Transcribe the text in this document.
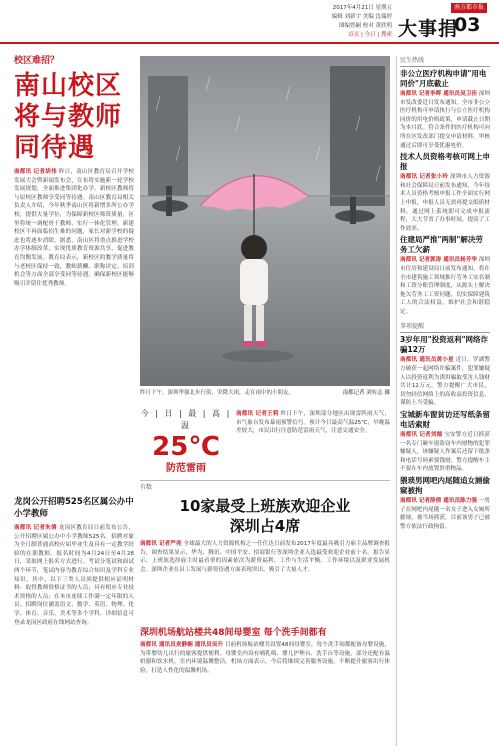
2017年4月21日 星期五
编辑 刘新宇 美编 沈瑞婷
图编曾嗣 校对 黄欣明
首页 | 今日 | 搜索
南方都市报
大事捐
03
校区难招？
南山校区
将与教师
同待遇
南都讯 记者胡伟 昨日，南山区教育局召开学校发展大会暨新闻发布会，宣布将实施新一轮学校发展规划，全面推进集团化办学，新校区教师将与原校区教师享受同等待遇。南山区教育局相关负责人介绍，今年秋季南山区将新增多所公办学校，提供大量学位，为保障新校区师资质量，区里将统一调配骨干教师，实行一体化管理。新建校区不再面临招生难的问题，家长对新学校的疑虑也将逐步消除。据悉，南山区将重点推进学校办学体制改革，实现优质教育资源共享，促进教育均衡发展。教育局表示，新校区的教学质量将与老校区保持一致，教师薪酬、职称评定、培训机会等方面全部享受同等待遇，确保新校区能够吸引并留住优秀教师。
龙岗公开招聘525名区属公办中小学教师
南都讯 记者朱倩 龙岗区教育局日前发布公告，公开招聘区属公办中小学教师525名。招聘对象为全日制普通高校应届毕业生及具有一定教学经验的在职教师。报名时间为4月24日至4月28日，采取网上报名方式进行。考试分笔试和面试两个环节，笔试内容为教育综合知识及学科专业知识。其中，以下三类人员须提供相应证明材料：取得教师资格证书的人员；具有相应专业技术资格的人员；在本市连续工作满一定年限的人员。招聘岗位涵盖语文、数学、英语、物理、化学、体育、音乐、美术等多个学科。详细信息可登录龙岗区政府在线网站查询。
昨日下午，深圳华强北步行街，突降大雨，走在雨中的小朋友。	南都记者 刘有志 摄
今 | 日 | 最 | 高 | 温
25℃
防范雷雨
南都讯 记者王莉 昨日下午，深圳部分地区出现雷阵雨天气，市气象台发布暴雨预警信号。预计今日最高气温25℃，早晚温差较大，市民出行注意防范雷雨天气，注意交通安全。
有数
10家最受上班族欢迎企业
深圳占4席
南都讯 记者严亮 全球最大的人力资源机构之一任仕达日前发布2017年度最具吸引力雇主品牌调查报告，调查结果显示，华为、腾讯、中国平安、招商银行等深圳企业入选最受欢迎企业前十名。报告显示，上班族选择雇主时最看重的因素依次为薪资福利、工作与生活平衡、工作环境以及职业发展机会。深圳企业在员工发展与薪资待遇方面表现突出，吸引了大量人才。
深圳机场航站楼共48间母婴室 每个洗手间都有
南都讯 通讯员麦静娴 通讯员吴升 目前机场航站楼共设置48间母婴室，每个洗手间都配备母婴设施，为带婴幼儿出行的旅客提供便利。母婴室内设有哺乳椅、婴儿护理台、洗手台等设施，部分还配有温奶器和饮水机，室内环境温馨整洁。机场方面表示，今后将继续完善服务设施，不断提升旅客出行体验，打造人性化的温馨机场。
民生热线
非公立医疗机构申请"用电同价"月底截止
南都讯 记者李晖 通讯员吴卫佳 深圳市发改委近日发布通知，全市非公立医疗机构可申请执行与公立医疗机构同价的用电价格政策，申请截止日期为本月底。符合条件的医疗机构可向所在区发改部门提交申请材料，审核通过后即可享受优惠电价。
技术人员资格考核可网上申报
南都讯 记者张小玲 深圳市人力资源和社会保障局日前发布通知，今年技术人员资格考核申报工作全面实行网上申报，申报人员无需再提交纸质材料，通过网上系统即可完成申报流程，大大节省了办事时间，提高了工作效率。
住建局严推"两制"解决劳务工欠薪
南都讯 记者郭涛 通讯员杨芳华 深圳市住房和建设局日前发布通知，将在全市建筑施工领域推行劳务工实名制和工资分账管理制度，从源头上解决拖欠劳务工工资问题，切实保障建筑工人的合法权益，维护社会和谐稳定。
事项提醒
3岁年用"投资返利"网络诈骗12万
南都讯 通讯员黄小星 近日，罗湖警方破获一起网络诈骗案件，犯罪嫌疑人以投资返利为诱饵骗取受害人钱财共计12万元。警方提醒广大市民，切勿轻信网络上的高收益投资信息，谨防上当受骗。
宝城新车窗贫访还写纸条留电话索财
南都讯 记者刘德 宝安警方近日抓获一名专门砸车窗盗窃车内财物的犯罪嫌疑人，该嫌疑人作案后还留下纸条和电话号码索要钱财，警方提醒车主不要在车内放置贵重物品。
猥琐男网吧内尾随追女厕偷窥被拘
南都讯 记者薛倩 通讯员陈力强 一男子在网吧内尾随一名女子进入女厕所偷窥，被当场抓获，目前该男子已被警方依法行政拘留。
